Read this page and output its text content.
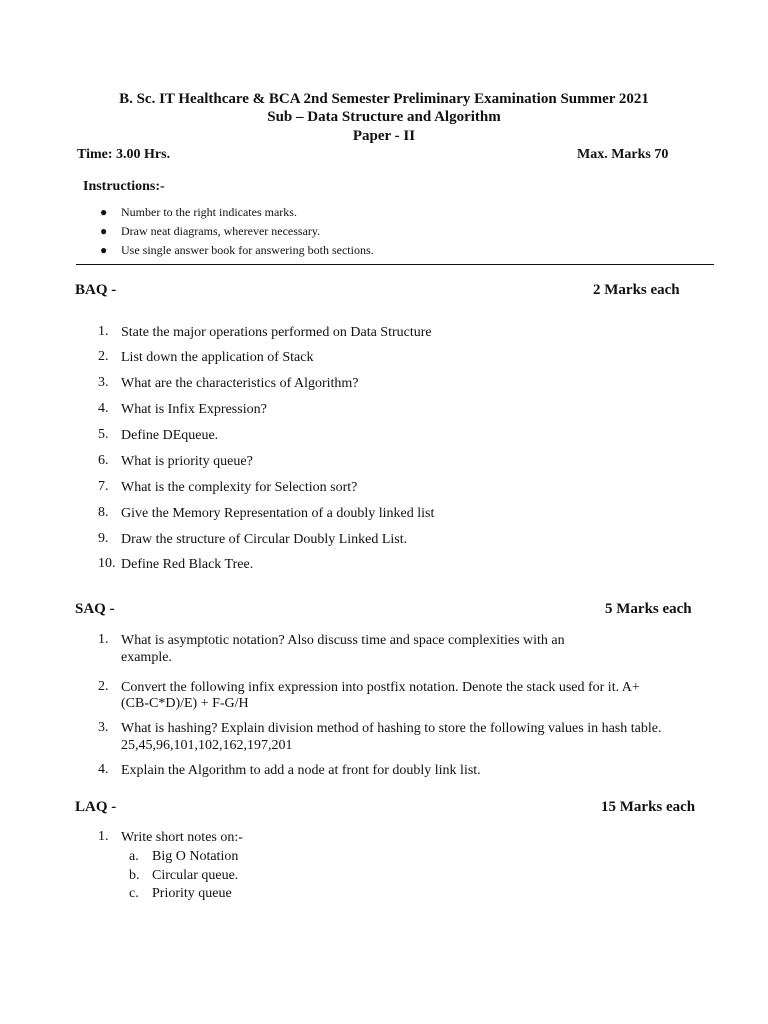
B. Sc. IT Healthcare & BCA 2nd Semester Preliminary Examination Summer 2021
Sub – Data Structure and Algorithm
Paper - II
Time: 3.00 Hrs.	Max. Marks 70
Instructions:-
● Number to the right indicates marks.
● Draw neat diagrams, wherever necessary.
● Use single answer book for answering both sections.
BAQ -	2 Marks each
1. State the major operations performed on Data Structure
2. List down the application of Stack
3. What are the characteristics of Algorithm?
4. What is Infix Expression?
5. Define DEqueue.
6. What is priority queue?
7. What is the complexity for Selection sort?
8. Give the Memory Representation of a doubly linked list
9. Draw the structure of Circular Doubly Linked List.
10. Define Red Black Tree.
SAQ -	5 Marks each
1. What is asymptotic notation? Also discuss time and space complexities with an
example.
2. Convert the following infix expression into postfix notation. Denote the stack used for it. A+
(CB-C*D)/E) + F-G/H
3. What is hashing? Explain division method of hashing to store the following values in hash table.
25,45,96,101,102,162,197,201
4. Explain the Algorithm to add a node at front for doubly link list.
LAQ -	15 Marks each
1. Write short notes on:-
a. Big O Notation
b. Circular queue.
c. Priority queue
